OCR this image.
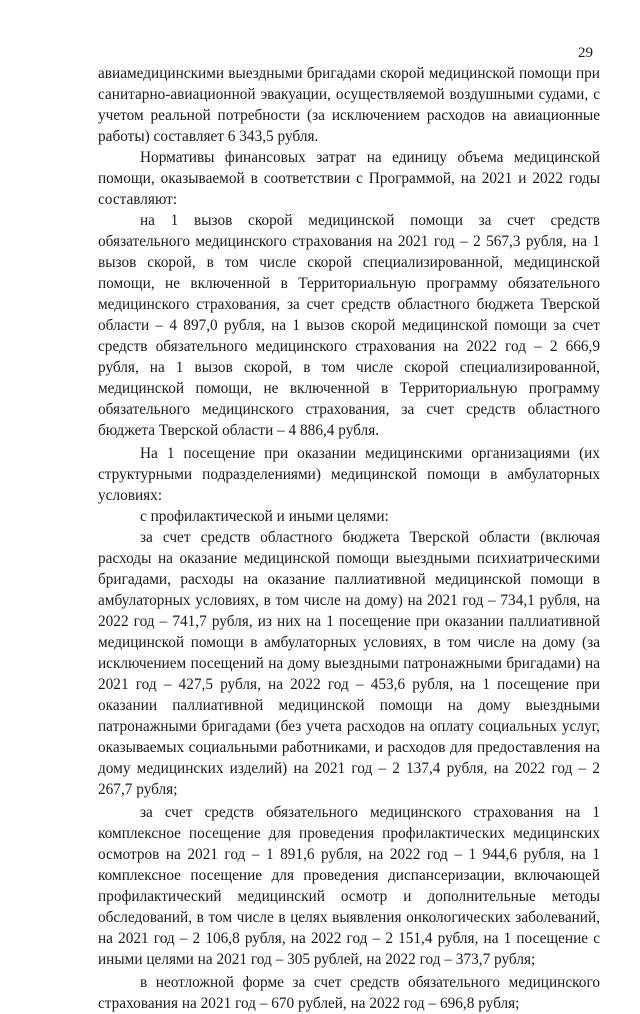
29

авиамедицинскими выездными бригадами скорой медицинской помощи при санитарно-авиационной эвакуации, осуществляемой воздушными судами, с учетом реальной потребности (за исключением расходов на авиационные работы) составляет 6 343,5 рубля.

Нормативы финансовых затрат на единицу объема медицинской помощи, оказываемой в соответствии с Программой, на 2021 и 2022 годы составляют:

на 1 вызов скорой медицинской помощи за счет средств обязательного медицинского страхования на 2021 год – 2 567,3 рубля, на 1 вызов скорой, в том числе скорой специализированной, медицинской помощи, не включенной в Территориальную программу обязательного медицинского страхования, за счет средств областного бюджета Тверской области – 4 897,0 рубля, на 1 вызов скорой медицинской помощи за счет средств обязательного медицинского страхования на 2022 год – 2 666,9 рубля, на 1 вызов скорой, в том числе скорой специализированной, медицинской помощи, не включенной в Территориальную программу обязательного медицинского страхования, за счет средств областного бюджета Тверской области – 4 886,4 рубля.

На 1 посещение при оказании медицинскими организациями (их структурными подразделениями) медицинской помощи в амбулаторных условиях:

с профилактической и иными целями:

за счет средств областного бюджета Тверской области (включая расходы на оказание медицинской помощи выездными психиатрическими бригадами, расходы на оказание паллиативной медицинской помощи в амбулаторных условиях, в том числе на дому) на 2021 год – 734,1 рубля, на 2022 год – 741,7 рубля, из них на 1 посещение при оказании паллиативной медицинской помощи в амбулаторных условиях, в том числе на дому (за исключением посещений на дому выездными патронажными бригадами) на 2021 год – 427,5 рубля, на 2022 год – 453,6 рубля, на 1 посещение при оказании паллиативной медицинской помощи на дому выездными патронажными бригадами (без учета расходов на оплату социальных услуг, оказываемых социальными работниками, и расходов для предоставления на дому медицинских изделий) на 2021 год – 2 137,4 рубля, на 2022 год – 2 267,7 рубля;

за счет средств обязательного медицинского страхования на 1 комплексное посещение для проведения профилактических медицинских осмотров на 2021 год – 1 891,6 рубля, на 2022 год – 1 944,6 рубля, на 1 комплексное посещение для проведения диспансеризации, включающей профилактический медицинский осмотр и дополнительные методы обследований, в том числе в целях выявления онкологических заболеваний, на 2021 год – 2 106,8 рубля, на 2022 год – 2 151,4 рубля, на 1 посещение с иными целями на 2021 год – 305 рублей, на 2022 год – 373,7 рубля;

в неотложной форме за счет средств обязательного медицинского страхования на 2021 год – 670 рублей, на 2022 год – 696,8 рубля;
